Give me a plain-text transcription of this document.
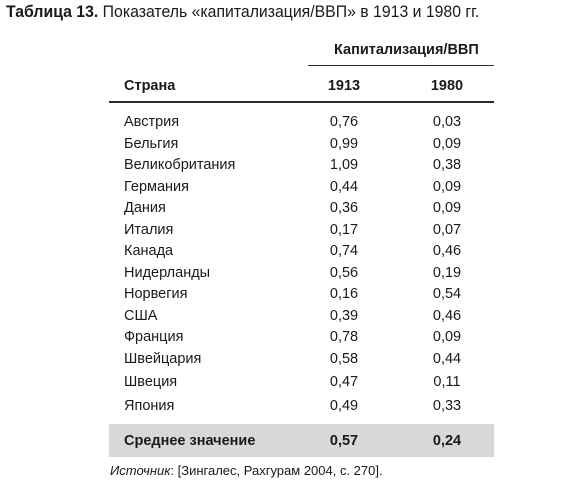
Таблица 13. Показатель «капитализация/ВВП» в 1913 и 1980 гг.
Капитализация/ВВП
Страна	1913	1980
Австрия	0,76	0,03
Бельгия	0,99	0,09
Великобритания	1,09	0,38
Германия	0,44	0,09
Дания	0,36	0,09
Италия	0,17	0,07
Канада	0,74	0,46
Нидерланды	0,56	0,19
Норвегия	0,16	0,54
США	0,39	0,46
Франция	0,78	0,09
Швейцария	0,58	0,44
Швеция	0,47	0,11
Япония	0,49	0,33
Среднее значение	0,57	0,24
Источник: [Зингалес, Рахгурам 2004, с. 270].
